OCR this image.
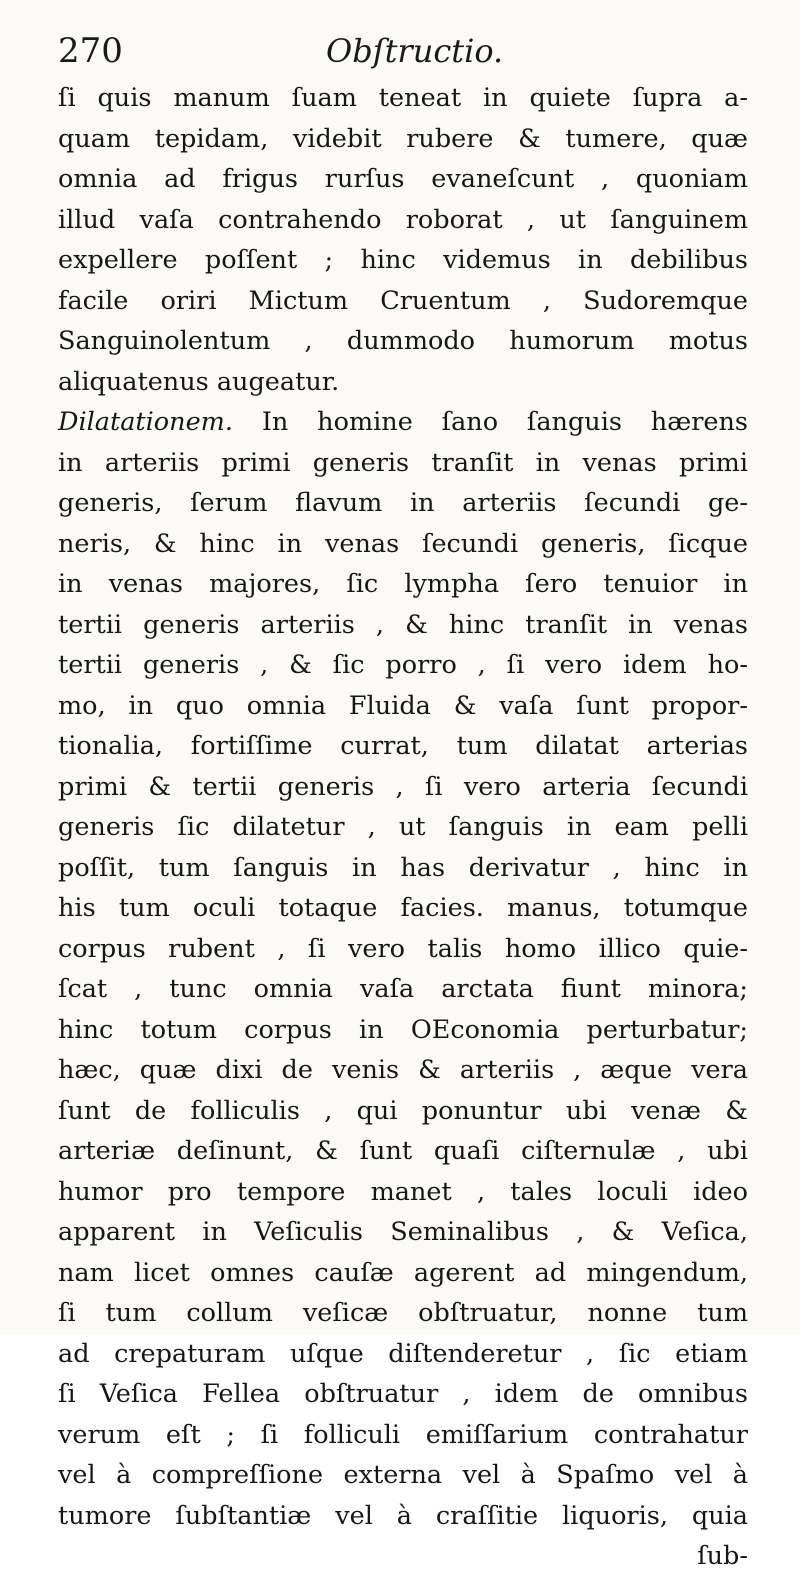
270	Obſtructio.
ſi quis manum ſuam teneat in quiete ſupra a-
quam tepidam, videbit rubere & tumere, quæ
omnia ad frigus rurſus evaneſcunt , quoniam
illud vaſa contrahendo roborat , ut ſanguinem
expellere poſſent ; hinc videmus in debilibus
facile oriri Mictum Cruentum , Sudoremque
Sanguinolentum , dummodo humorum motus
aliquatenus augeatur.
Dilatationem. In homine ſano ſanguis hærens
in arteriis primi generis tranſit in venas primi
generis, ſerum flavum in arteriis ſecundi ge-
neris, & hinc in venas ſecundi generis, ſicque
in venas majores, ſic lympha ſero tenuior in
tertii generis arteriis , & hinc tranſit in venas
tertii generis , & ſic porro , ſi vero idem ho-
mo, in quo omnia Fluida & vaſa ſunt propor-
tionalia, fortiſſime currat, tum dilatat arterias
primi & tertii generis , ſi vero arteria ſecundi
generis ſic dilatetur , ut ſanguis in eam pelli
poſſit, tum ſanguis in has derivatur , hinc in
his tum oculi totaque facies. manus, totumque
corpus rubent , ſi vero talis homo illico quie-
ſcat , tunc omnia vaſa arctata fiunt minora;
hinc totum corpus in OEconomia perturbatur;
hæc, quæ dixi de venis & arteriis , æque vera
ſunt de folliculis , qui ponuntur ubi venæ &
arteriæ deſinunt, & ſunt quaſi ciſternulæ , ubi
humor pro tempore manet , tales loculi ideo
apparent in Veſiculis Seminalibus , & Veſica,
nam licet omnes cauſæ agerent ad mingendum,
ſi tum collum veſicæ obſtruatur, nonne tum
ad crepaturam uſque diſtenderetur , ſic etiam
ſi Veſica Fellea obſtruatur , idem de omnibus
verum eſt ; ſi folliculi emiſſarium contrahatur
vel à compreſſione externa vel à Spaſmo vel à
tumore ſubſtantiæ vel à craſſitie liquoris, quia
ſub-
